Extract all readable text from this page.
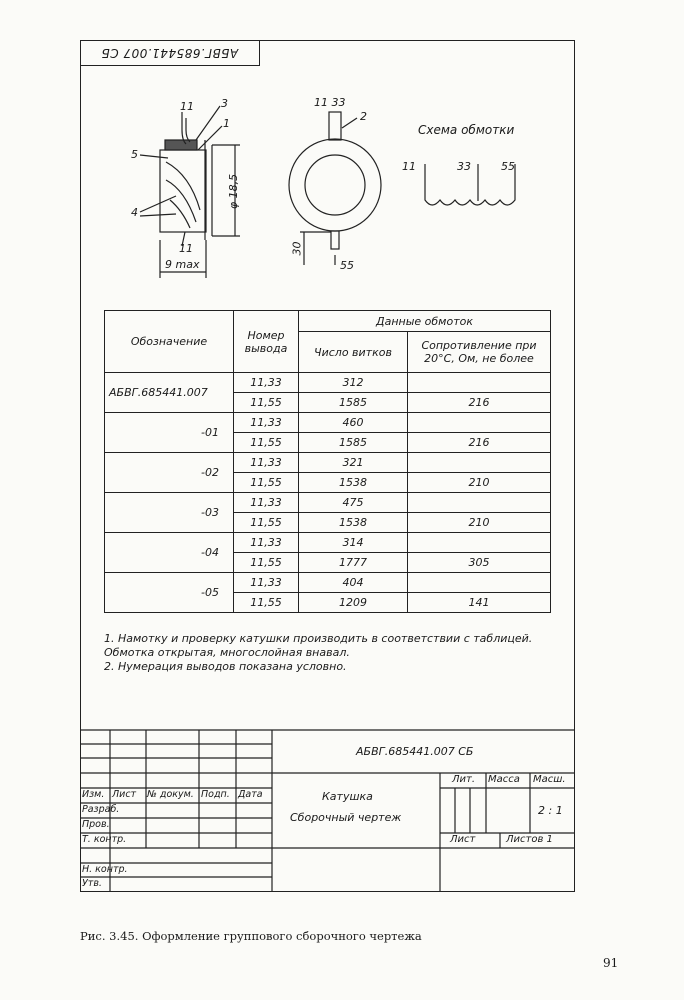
АБВГ.685441.007 СБ
3
1
5
4
11
11
φ 18,5
9 max
11 33
2
30
55
Схема обмотки
11	33	55
Обозначение	Номер вывода	Данные обмоток	
		Число витков	Сопротивление при 20°С, Ом, не более
АБВГ.685441.007	11,33	312	
	11,55	1585	216
-01	11,33	460	
	11,55	1585	216
-02	11,33	321	
	11,55	1538	210
-03	11,33	475	
	11,55	1538	210
-04	11,33	314	
	11,55	1777	305
-05	11,33	404	
	11,55	1209	141
1. Намотку и проверку катушки производить в соответствии с таблицей. Обмотка открытая, многослойная внавал.
2. Нумерация выводов показана условно.
АБВГ.685441.007 СБ
Катушка
Сборочный чертеж
Лит. Масса Масш.
2 : 1
Лист	Листов 1
Изм. Лист № докум. Подп. Дата
Разраб.
Пров.
Т. контр.
Н. контр.
Утв.
Рис. 3.45. Оформление группового сборочного чертежа
91
